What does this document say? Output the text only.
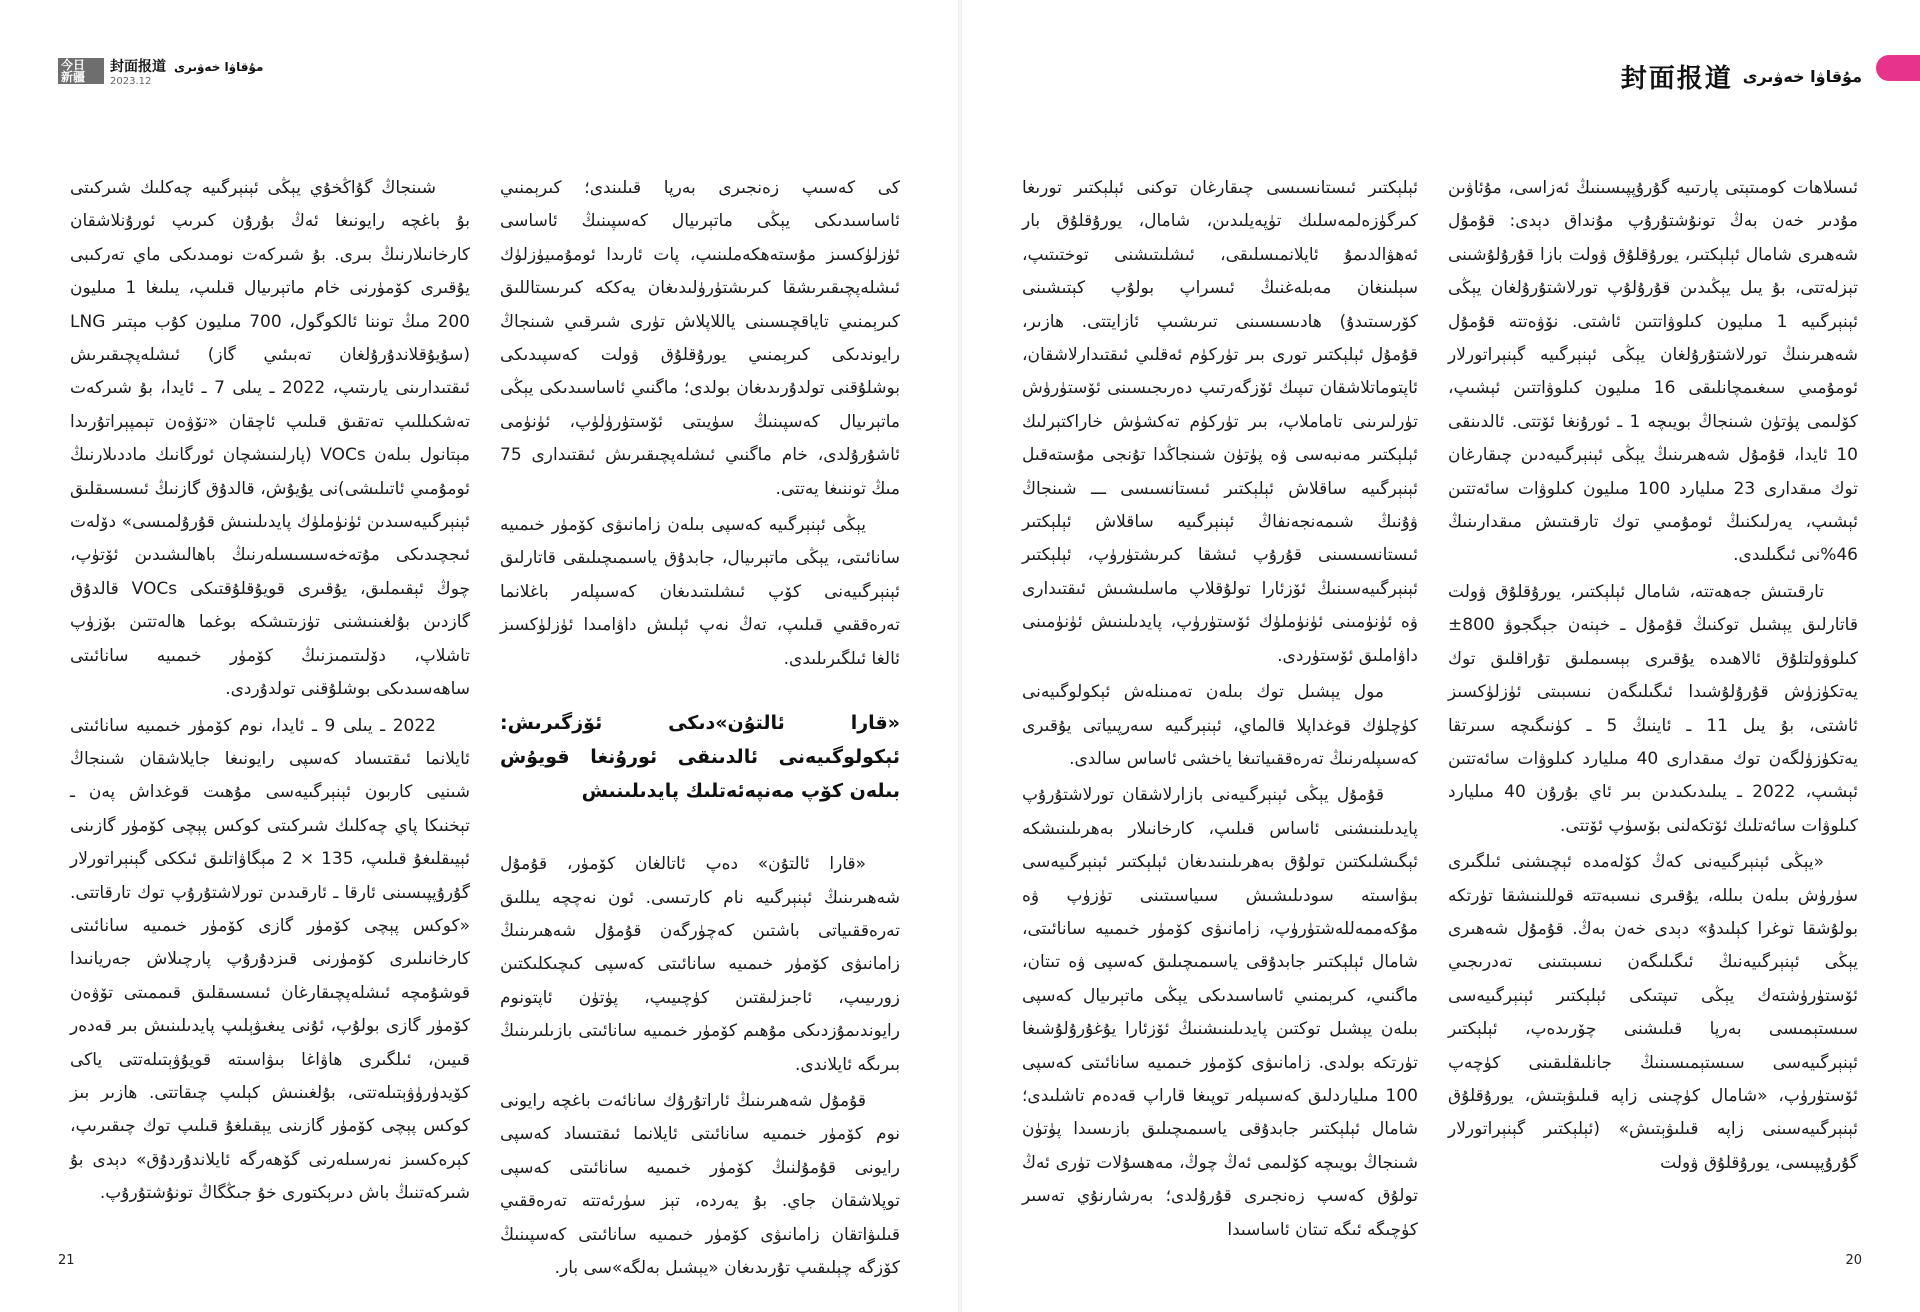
今日
新疆
封面报道 مۇقاۋا خەۋىرى
2023.12

شىنجاڭ گۇاڭخۇي يېڭى ئېنېرگىيە چەكلىك شىركىتى بۇ باغچە رايونىغا ئەڭ بۇرۇن كىرىپ ئورۇنلاشقان كارخانىلارنىڭ بىرى. بۇ شىركەت نومىدىكى ماي تەركىبى يۇقىرى كۆمۈرنى خام ماتېرىيال قىلىپ، يىلىغا 1 مىليون 200 مىڭ توننا ئالكوگول، 700 مىليون كۇب مېتىر LNG (سۇيۇقلاندۇرۇلغان تەبىئىي گاز) ئىشلەپچىقىرىش ئىقتىدارىنى يارىتىپ، 2022 ـ يىلى 7 ـ ئايدا، بۇ شىركەت تەشكىللىپ تەتقىق قىلىپ ئاچقان «تۆۋەن تېمپېراتۇرىدا مېتانول بىلەن VOCs (پارلىنىشچان ئورگانىك ماددىلارنىڭ ئومۇمىي ئاتىلىشى)نى يۇيۇش، قالدۇق گازنىڭ ئىسسىقلىق ئېنېرگىيەسىدىن ئۈنۈملۈك پايدىلىنىش قۇرۇلمىسى» دۆلەت ئىجچىدىكى مۇتەخەسسىسلەرنىڭ باھالىشىدىن ئۆتۈپ، چوڭ ئېقىملىق، يۇقىرى قويۇقلۇقتىكى VOCs قالدۇق گازدىن بۇلغىنىشنى تۈزىتىشكە بوغما ھالەتتىن بۆزۈپ تاشلاپ، دۆلىتىمىزنىڭ كۆمۈر خىمىيە سانائىتى ساھەسىدىكى بوشلۇقنى تولدۇردى.

2022 ـ يىلى 9 ـ ئايدا، نوم كۆمۈر خىمىيە سانائىتى ئايلانما ئىقتىساد كەسپى رايونىغا جايلاشقان شىنجاڭ شىنيى كاربون ئېنېرگىيەسى مۇھىت قوغداش پەن ـ تېخنىكا پاي چەكلىك شىركىتى كوكس پېچى كۆمۈر گازىنى ئېيىقلىغۇ قىلىپ، 135 × 2 مېگاۋاتلىق ئىككى گېنېراتورلار گۇرۇپپىسىنى ئارقا ـ ئارقىدىن تورلاشتۇرۇپ توك تارقاتتى. «كوكس پېچى كۆمۈر گازى كۆمۈر خىمىيە سانائىتى كارخانىلىرى كۆمۈرنى قىزدۇرۇپ پارچىلاش جەريانىدا قوشۇمچە ئىشلەپچىقارغان ئىسسىقلىق قىممىتى تۆۋەن كۆمۈر گازى بولۇپ، ئۇنى يىغىۋېلىپ پايدىلىنىش بىر قەدەر قىيىن، ئىلگىرى ھاۋاغا بىۋاسىتە قويۇۋېتىلەتتى ياكى كۆيدۈرۈۋېتىلەتتى، بۇلغىنىش كېلىپ چىقاتتى. ھازىر بىز كوكس پېچى كۆمۈر گازىنى يېقىلغۇ قىلىپ توك چىقىرىپ، كېرەكسىز نەرسىلەرنى گۆھەرگە ئايلاندۇردۇق» دېدى بۇ شىركەتنىڭ باش دىرېكتورى خۇ جىڭگاڭ تونۇشتۇرۇپ.

كى كەسىپ زەنجىرى بەرپا قىلىندى؛ كىرېمنىي ئاساسىدىكى يېڭى ماتېرىيال كەسپىنىڭ ئاساسى ئۈزلۈكسىز مۇستەھكەملىنىپ، پات ئارىدا ئومۇمىيۈزلۈك ئىشلەپچىقىرىشقا كىرىشتۈرۈلىدىغان يەككە كىرىستاللىق كىرېمنىي تاياقچىسىنى ياللاپلاش تۈرى شىرقىي شىنجاڭ رايوندىكى كىرېمنىي يورۇقلۇق ۋولت كەسپىدىكى بوشلۇقنى تولدۇرىدىغان بولدى؛ ماگنىي ئاساسىدىكى يېڭى ماتېرىيال كەسپىنىڭ سۈيىتى ئۆستۈرۈلۈپ، ئۈنۈمى ئاشۇرۇلدى، خام ماگنىي ئىشلەپچىقىرىش ئىقتىدارى 75 مىڭ توننىغا يەتتى.

يېڭى ئېنېرگىيە كەسپى بىلەن زامانىۋى كۆمۈر خىمىيە سانائىتى، يېڭى ماتېرىيال، جابدۇق ياسىمىچىلىقى قاتارلىق ئېنېرگىيەنى كۆپ ئىشلىتىدىغان كەسىپلەر باغلانما تەرەققىي قىلىپ، تەڭ نەپ ئېلىش داۋامىدا ئۈزلۈكسىز ئالغا ئىلگىرىلىدى.

«قارا ئالتۇن»دىكى ئۆزگىرىش: ئېكولوگىيەنى ئالدىنقى ئورۇنغا قويۇش بىلەن كۆپ مەنپەئەتلىك پايدىلىنىش

«قارا ئالتۇن» دەپ ئاتالغان كۆمۈر، قۇمۇل شەھىرىنىڭ ئېنېرگىيە نام كارتىسى. ئون نەچچە يىللىق تەرەققىياتى باشتىن كەچۈرگەن قۇمۇل شەھىرىنىڭ زامانىۋى كۆمۈر خىمىيە سانائىتى كەسپى كىچىكلىكتىن زورىيىپ، ئاجىزلىقتىن كۈچىيىپ، پۈتۈن ئاپتونوم رايوندىمۇزدىكى مۇھىم كۆمۈر خىمىيە سانائىتى بازىلىرىنىڭ بىرىگە ئايلاندى.

قۇمۇل شەھىرىنىڭ ئاراتۇرۇك سانائەت باغچە رايونى نوم كۆمۈر خىمىيە سانائىتى ئايلانما ئىقتىساد كەسپى رايونى قۇمۇلنىڭ كۆمۈر خىمىيە سانائىتى كەسپى توپلاشقان جاي. بۇ يەردە، تېز سۈرئەتتە تەرەققىي قىلىۋاتقان زامانىۋى كۆمۈر خىمىيە سانائىتى كەسپىنىڭ كۆزگە چېلىقىپ تۇرىدىغان «يېشىل بەلگە»سى بار.

21	20
封面报道 مۇقاۋا خەۋىرى

ئېلېكتىر ئىستانسىسى چىقارغان توكنى ئېلېكتىر تورىغا كىرگۈزەلمەسلىك تۈپەيلىدىن، شامال، يورۇقلۇق بار ئەھۋالدىمۇ ئايلانمىسلىقى، ئىشلىتىشنى توختىتىپ، سېلىنغان مەبلەغنىڭ ئىسراپ بولۇپ كېتىشىنى كۆرسىتىدۇ) ھادىسىسىنى تىرىشىپ ئازايتتى. ھازىر، قۇمۇل ئېلېكتىر تورى بىر تۈركۈم ئەقلىي ئىقتىدارلاشقان، ئاپتوماتلاشقان تىپىك ئۆزگەرتىپ دەرىجىسىنى ئۆستۈرۈش تۈرلىرىنى تاماملاپ، بىر تۈركۈم تەكشۈش خاراكتېرلىك ئېلېكتىر مەنبەسى ۋە پۈتۈن شىنجاڭدا تۇنجى مۇستەقىل ئېنېرگىيە ساقلاش ئېلېكتىر ئىستانسىسى ـــ شىنجاڭ ۋۇنىڭ شىمەنجەنفاڭ ئېنېرگىيە ساقلاش ئېلېكتىر ئىستانسىسىنى قۇرۇپ ئىشقا كىرىشتۈرۈپ، ئېلېكتىر ئېنېرگىيەسىنىڭ ئۆزئارا تولۇقلاپ ماسلىشىش ئىقتىدارى ۋە ئۈنۈمىنى ئۈنۈملۈك ئۆستۈرۈپ، پايدىلىنىش ئۈنۈمىنى داۋاملىق ئۆستۈردى.

مول يېشىل توك بىلەن تەمىنلەش ئېكولوگىيەنى كۈچلۈك قوغداپلا قالماي، ئېنېرگىيە سەرپىياتى يۇقىرى كەسىپلەرنىڭ تەرەققىياتىغا ياخشى ئاساس سالدى.

قۇمۇل يېڭى ئېنېرگىيەنى بازارلاشقان تورلاشتۇرۇپ پايدىلىنىشنى ئاساس قىلىپ، كارخانىلار بەھرىلىنىشكە ئېگىشلىكتىن تولۇق بەھرىلىنىدىغان ئېلېكتىر ئېنېرگىيەسى بىۋاسىتە سودىلىشىش سىياسىتىنى تۈزۈپ ۋە مۇكەممەللەشتۈرۈپ، زامانىۋى كۆمۈر خىمىيە سانائىتى، شامال ئېلېكتىر جابدۇقى ياسىمىچىلىق كەسپى ۋە تىتان، ماگنىي، كىرېمنىي ئاساسىدىكى يېڭى ماتېرىيال كەسپى بىلەن يېشىل توكتىن پايدىلىنىشنىڭ ئۆزئارا يۇغۇرۇلۇشىغا تۈرتكە بولدى. زامانىۋى كۆمۈر خىمىيە سانائىتى كەسپى 100 مىلياردلىق كەسىپلەر توپىغا قاراپ قەدەم تاشلىدى؛ شامال ئېلېكتىر جابدۇقى ياسىمىچىلىق بازىسىدا پۈتۈن شىنجاڭ بويىچە كۆلىمى ئەڭ چوڭ، مەھسۇلات تۈرى ئەڭ تولۇق كەسپ زەنجىرى قۇرۇلدى؛ بەرشارنۇي تەسىر كۈچىگە ئىگە تىتان ئاساسىدا

ئىسلاھات كومىتېتى پارتىيە گۇرۇپپىسىنىڭ ئەزاسى، مۇئاۋىن مۇدىر خەن بەڭ تونۇشتۇرۇپ مۇنداق دېدى: قۇمۇل شەھىرى شامال ئېلېكتىر، يورۇقلۇق ۋولت بازا قۇرۇلۇشىنى تېزلەتتى، بۇ يىل يېڭىدىن قۇرۇلۇپ تورلاشتۇرۇلغان يېڭى ئېنېرگىيە 1 مىليون كىلوۋاتتىن ئاشتى. نۆۋەتتە قۇمۇل شەھىرىنىڭ تورلاشتۇرۇلغان يېڭى ئېنېرگىيە گېنېراتورلار ئومۇمىي سىغىمچانلىقى 16 مىليون كىلوۋاتتىن ئېشىپ، كۆلىمى پۈتۈن شىنجاڭ بويىچە 1 ـ ئورۇنغا ئۆتتى. ئالدىنقى 10 ئايدا، قۇمۇل شەھىرىنىڭ يېڭى ئېنېرگىيەدىن چىقارغان توك مىقدارى 23 مىليارد 100 مىليون كىلوۋات سائەتتىن ئېشىپ، يەرلىكنىڭ ئومۇمىي توك تارقىتىش مىقدارىنىڭ 46%نى ئىگىلىدى.

تارقىتىش جەھەتتە، شامال ئېلېكتىر، يورۇقلۇق ۋولت قاتارلىق يېشىل توكنىڭ قۇمۇل ـ خېنەن جېگجوۋ 800± كىلوۋولتلۇق ئالاھىدە يۇقىرى بېسىملىق تۇراقلىق توك يەتكۈزۈش قۇرۇلۇشىدا ئىگىلىگەن نىسبىتى ئۈزلۈكسىز ئاشتى، بۇ يىل 11 ـ ئاينىڭ 5 ـ كۈنىگىچە سىرتقا يەتكۈزۈلگەن توك مىقدارى 40 مىليارد كىلوۋات سائەتتىن ئېشىپ، 2022 ـ يىلىدىكىدىن بىر ئاي بۇرۇن 40 مىليارد كىلوۋات سائەتلىك ئۆتكەلنى بۆسۈپ ئۆتتى.

«يېڭى ئېنېرگىيەنى كەڭ كۆلەمدە ئېچىشنى ئىلگىرى سۈرۈش بىلەن بىللە، يۇقىرى نىسبەتتە قوللىنىشقا تۈرتكە بولۇشقا توغرا كېلىدۇ» دېدى خەن بەڭ. قۇمۇل شەھىرى يېڭى ئېنېرگىيەنىڭ ئىگىلىگەن نىسبىتىنى تەدرىجىي ئۆستۈرۈشتەك يېڭى تىپتىكى ئېلېكتىر ئېنېرگىيەسى سىستېمىسى بەرپا قىلىشنى چۆرىدەپ، ئېلېكتىر ئېنېرگىيەسى سىستېمىسىنىڭ جانلىقلىقىنى كۈچەپ ئۆستۈرۈپ، «شامال كۈچىنى زاپە قىلىۋېتىش، يورۇقلۇق ئېنېرگىيەسىنى زاپە قىلىۋېتىش» (ئېلېكتىر گېنېراتورلار گۇرۇپپىسى، يورۇقلۇق ۋولت
